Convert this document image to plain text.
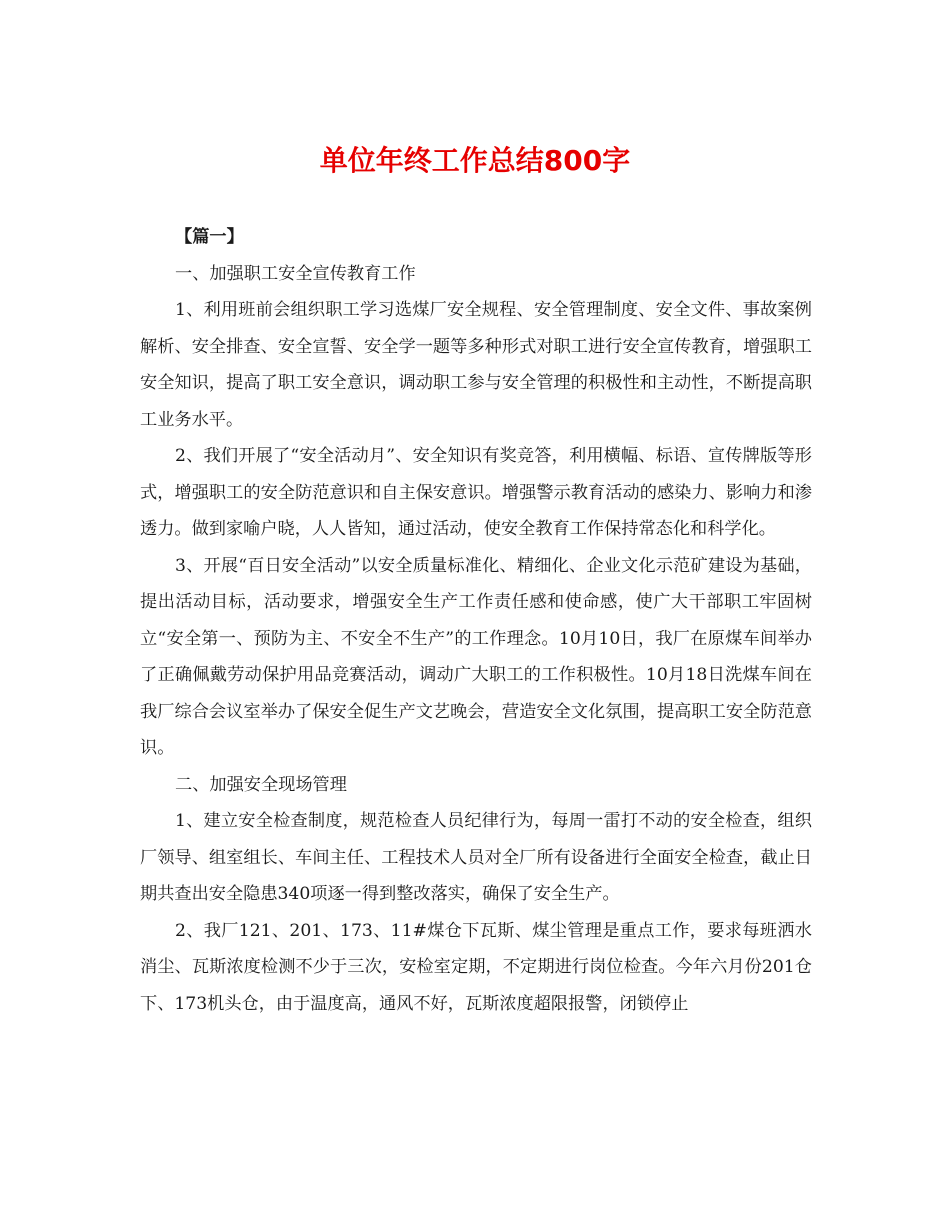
单位年终工作总结800字

【篇一】

一、加强职工安全宣传教育工作

1、利用班前会组织职工学习选煤厂安全规程、安全管理制度、安全文件、事故案例解析、安全排查、安全宣誓、安全学一题等多种形式对职工进行安全宣传教育，增强职工安全知识，提高了职工安全意识，调动职工参与安全管理的积极性和主动性，不断提高职工业务水平。

2、我们开展了“安全活动月”、安全知识有奖竞答，利用横幅、标语、宣传牌版等形式，增强职工的安全防范意识和自主保安意识。增强警示教育活动的感染力、影响力和渗透力。做到家喻户晓，人人皆知，通过活动，使安全教育工作保持常态化和科学化。

3、开展“百日安全活动”以安全质量标准化、精细化、企业文化示范矿建设为基础，提出活动目标，活动要求，增强安全生产工作责任感和使命感，使广大干部职工牢固树立“安全第一、预防为主、不安全不生产”的工作理念。10月10日，我厂在原煤车间举办了正确佩戴劳动保护用品竞赛活动，调动广大职工的工作积极性。10月18日洗煤车间在我厂综合会议室举办了保安全促生产文艺晚会，营造安全文化氛围，提高职工安全防范意识。

二、加强安全现场管理

1、建立安全检查制度，规范检查人员纪律行为，每周一雷打不动的安全检查，组织厂领导、组室组长、车间主任、工程技术人员对全厂所有设备进行全面安全检查，截止日期共查出安全隐患340项逐一得到整改落实，确保了安全生产。

2、我厂121、201、173、11#煤仓下瓦斯、煤尘管理是重点工作，要求每班洒水消尘、瓦斯浓度检测不少于三次，安检室定期，不定期进行岗位检查。今年六月份201仓下、173机头仓，由于温度高，通风不好，瓦斯浓度超限报警，闭锁停止
